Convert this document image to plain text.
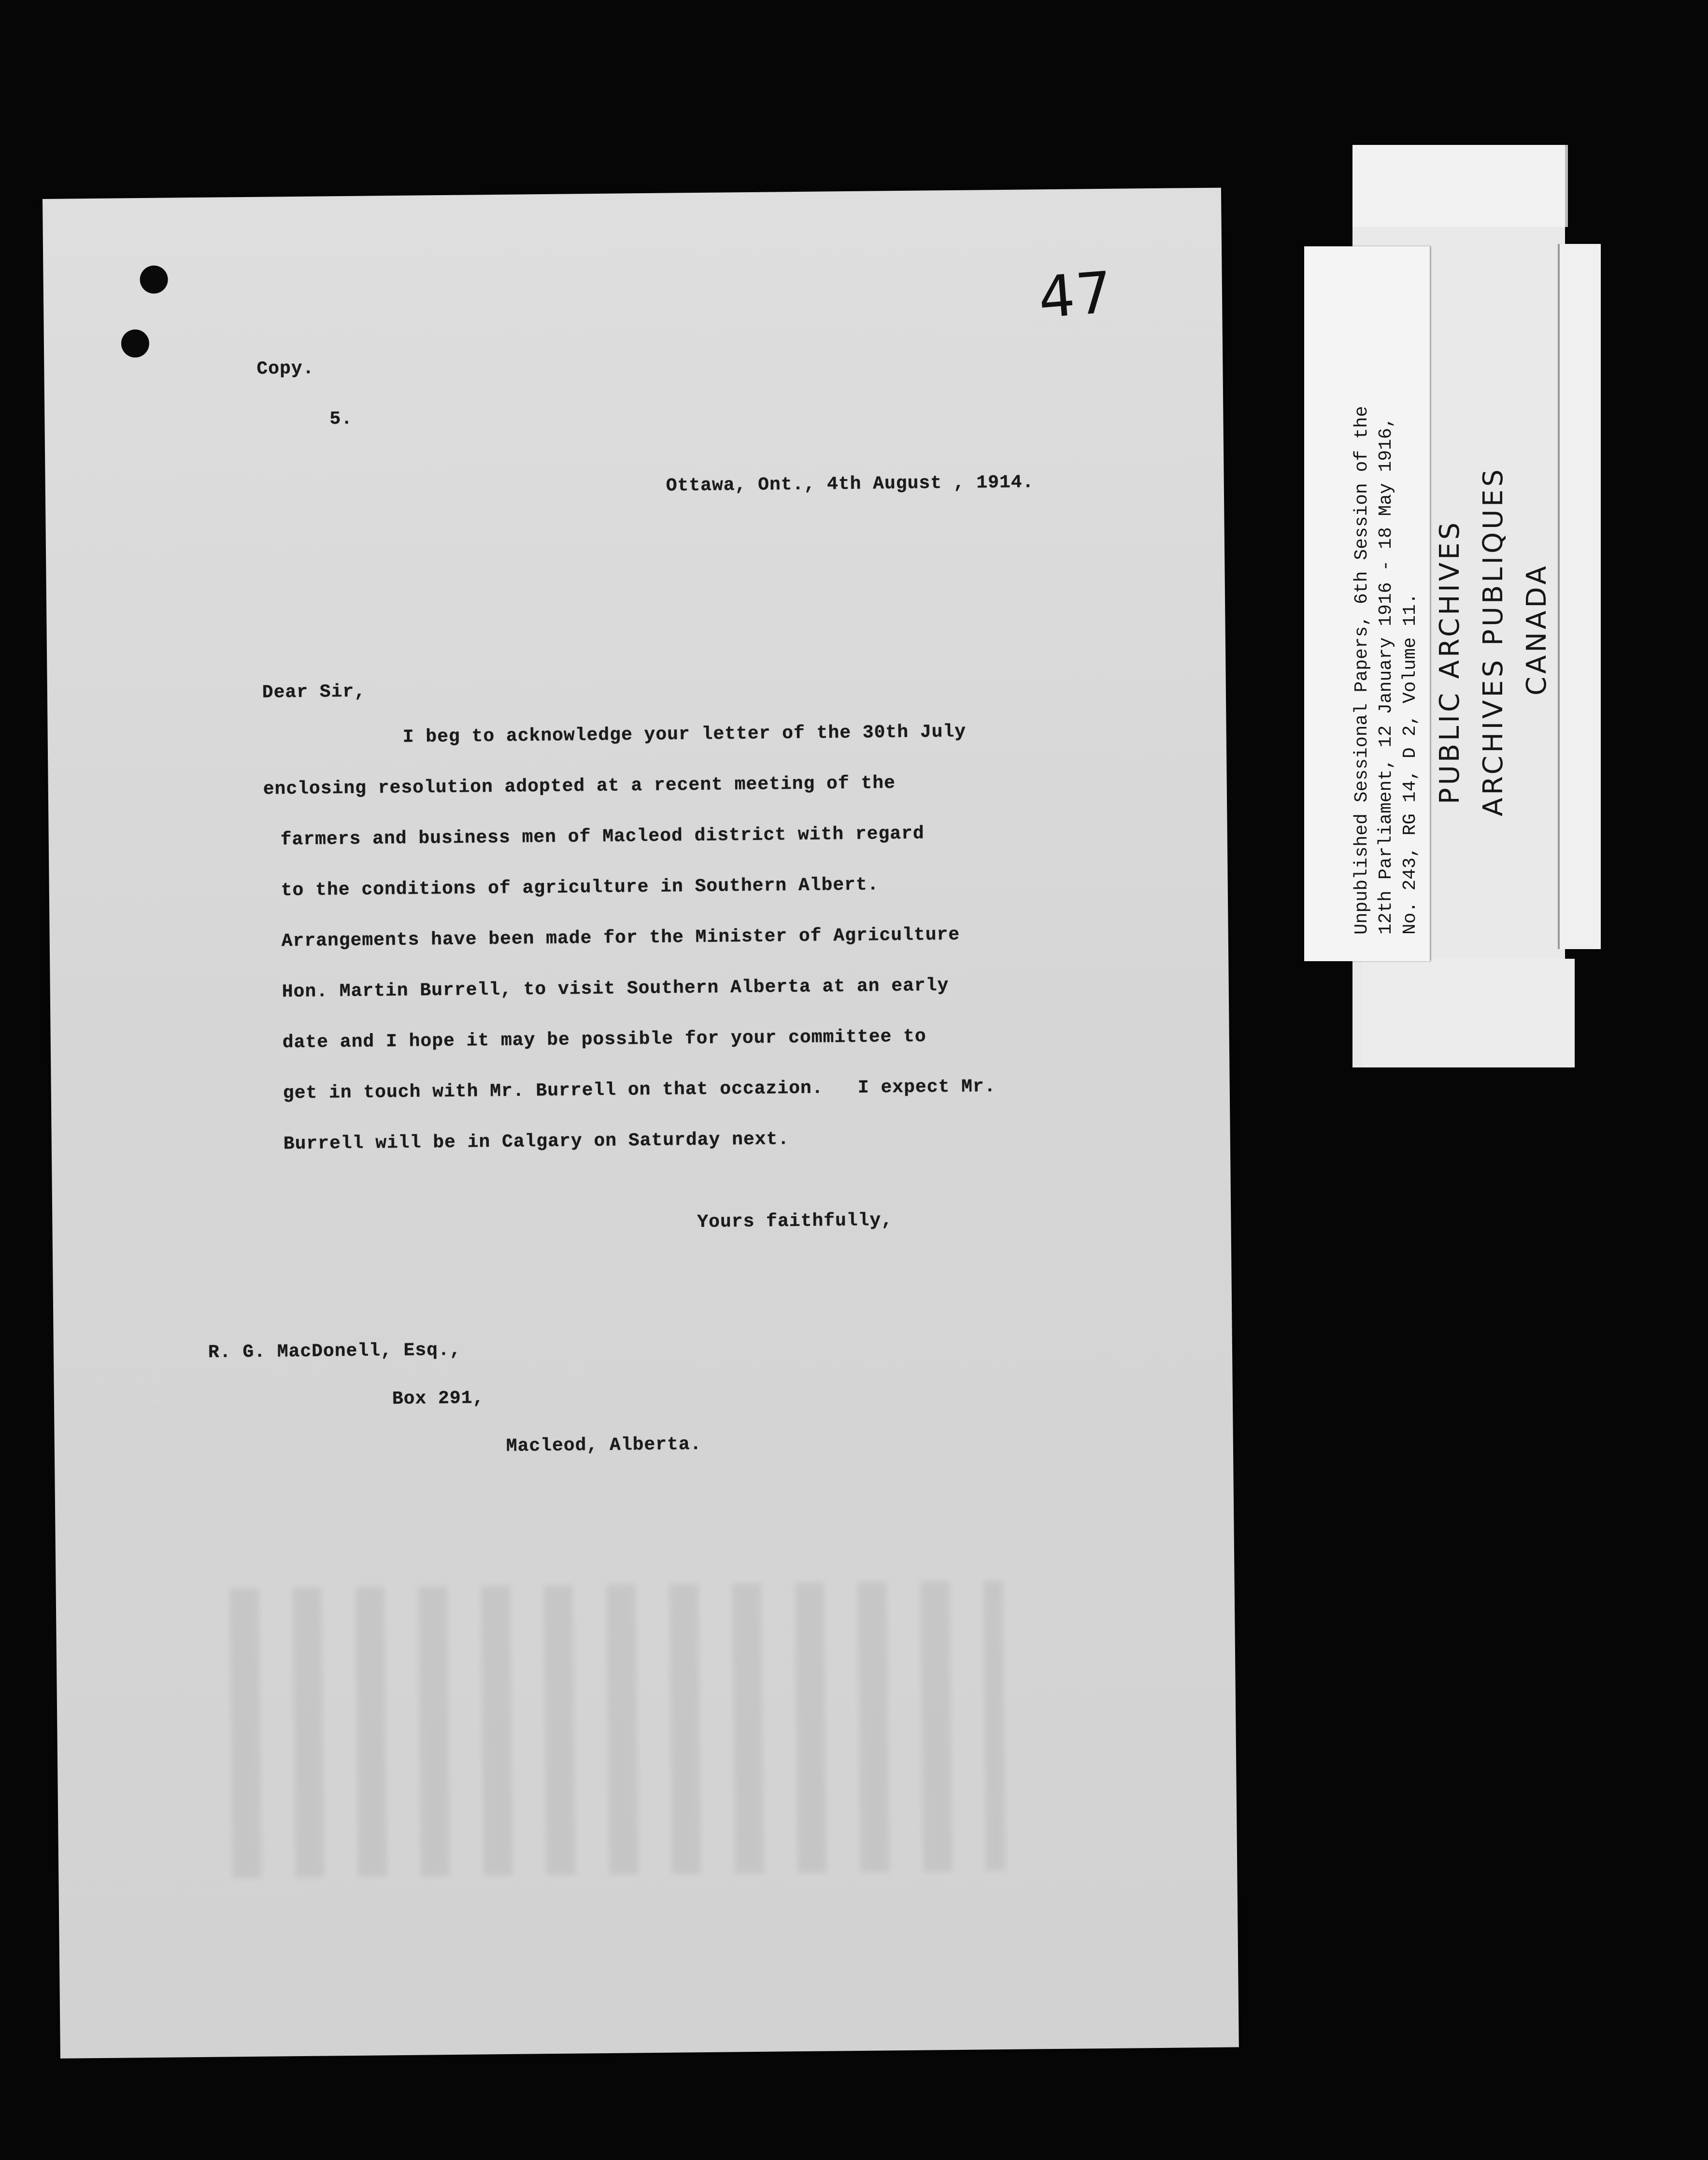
47
Copy.
5.
Ottawa, Ont., 4th August , 1914.
Dear Sir,
I beg to acknowledge your letter of the 30th July
enclosing resolution adopted at a recent meeting of the
farmers and business men of Macleod district with regard
to the conditions of agriculture in Southern Albert.
Arrangements have been made for the Minister of Agriculture
Hon. Martin Burrell, to visit Southern Alberta at an early
date and I hope it may be possible for your committee to
get in touch with Mr. Burrell on that occazion.   I expect Mr.
Burrell will be in Calgary on Saturday next.
Yours faithfully,
R. G. MacDonell, Esq.,
Box 291,
Macleod, Alberta.
Unpublished Sessional Papers, 6th Session of the 12th Parliament, 12 January 1916 - 18 May 1916, No. 243, RG 14, D 2, Volume 11. PUBLIC ARCHIVES ARCHIVES PUBLIQUES CANADA
